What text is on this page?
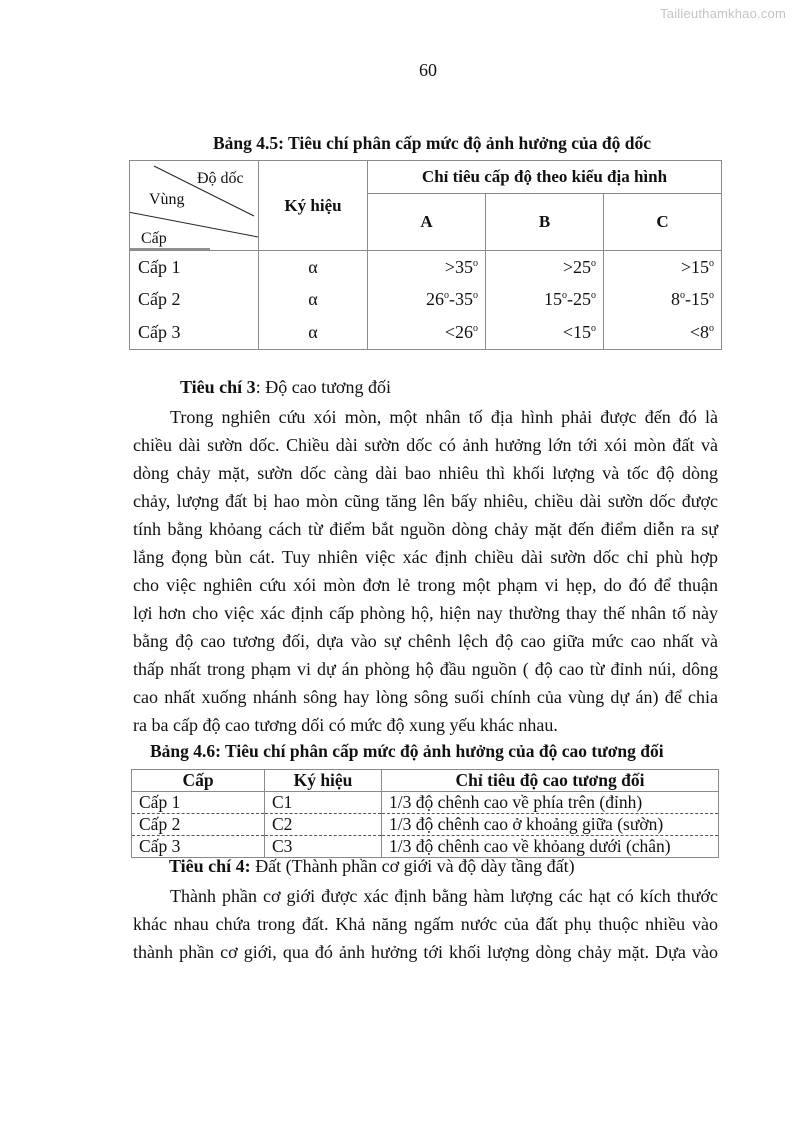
Tailieuthamkhao.com
60
Bảng 4.5: Tiêu chí phân cấp mức độ ảnh hưởng của độ dốc
Độ dốc
Vùng
Cấp	Ký hiệu	Chỉ tiêu cấp độ theo kiểu địa hình		
		A	B	C
Cấp 1	α	$>35^o$	$>25^o$	$>15^o$
Cấp 2	α	26$^o$-35$^o$	15$^o$-25$^o$	8$^o$-15$^o$
Cấp 3	α	$<26^o$	$<15^o$	$<8^o$
Tiêu chí 3: Độ cao tương đối
Trong nghiên cứu xói mòn, một nhân tố địa hình phải được đến đó là
chiều dài sườn dốc. Chiều dài sườn dốc có ảnh hưởng lớn tới xói mòn đất và
dòng chảy mặt, sườn dốc càng dài bao nhiêu thì khối lượng và tốc độ dòng
chảy, lượng đất bị hao mòn cũng tăng lên bấy nhiêu, chiều dài sườn dốc được
tính bằng khỏang cách từ điểm bắt nguồn dòng chảy mặt đến điểm diễn ra sự
lắng đọng bùn cát. Tuy nhiên việc xác định chiều dài sườn dốc chỉ phù hợp
cho việc nghiên cứu xói mòn đơn lẻ trong một phạm vi hẹp, do đó để thuận
lợi hơn cho việc xác định cấp phòng hộ, hiện nay thường thay thế nhân tố này
bằng độ cao tương đối, dựa vào sự chênh lệch độ cao giữa mức cao nhất và
thấp nhất trong phạm vi dự án phòng hộ đầu nguồn ( độ cao từ đỉnh núi, dông
cao nhất xuống nhánh sông hay lòng sông suối chính của vùng dự án) để chia
ra ba cấp độ cao tương dối có mức độ xung yếu khác nhau.
Bảng 4.6: Tiêu chí phân cấp mức độ ảnh hưởng của độ cao tương đối
Cấp	Ký hiệu	Chỉ tiêu độ cao tương đối
Cấp 1	C1	1/3 độ chênh cao về phía trên (đỉnh)
Cấp 2	C2	1/3 độ chênh cao ở khoảng giữa (sườn)
Cấp 3	C3	1/3 độ chênh cao về khỏang dưới (chân)
Tiêu chí 4: Đất (Thành phần cơ giới và độ dày tầng đất)
Thành phần cơ giới được xác định bằng hàm lượng các hạt có kích thước
khác nhau chứa trong đất. Khả năng ngấm nước của đất phụ thuộc nhiều vào
thành phần cơ giới, qua đó ảnh hưởng tới khối lượng dòng chảy mặt. Dựa vào
